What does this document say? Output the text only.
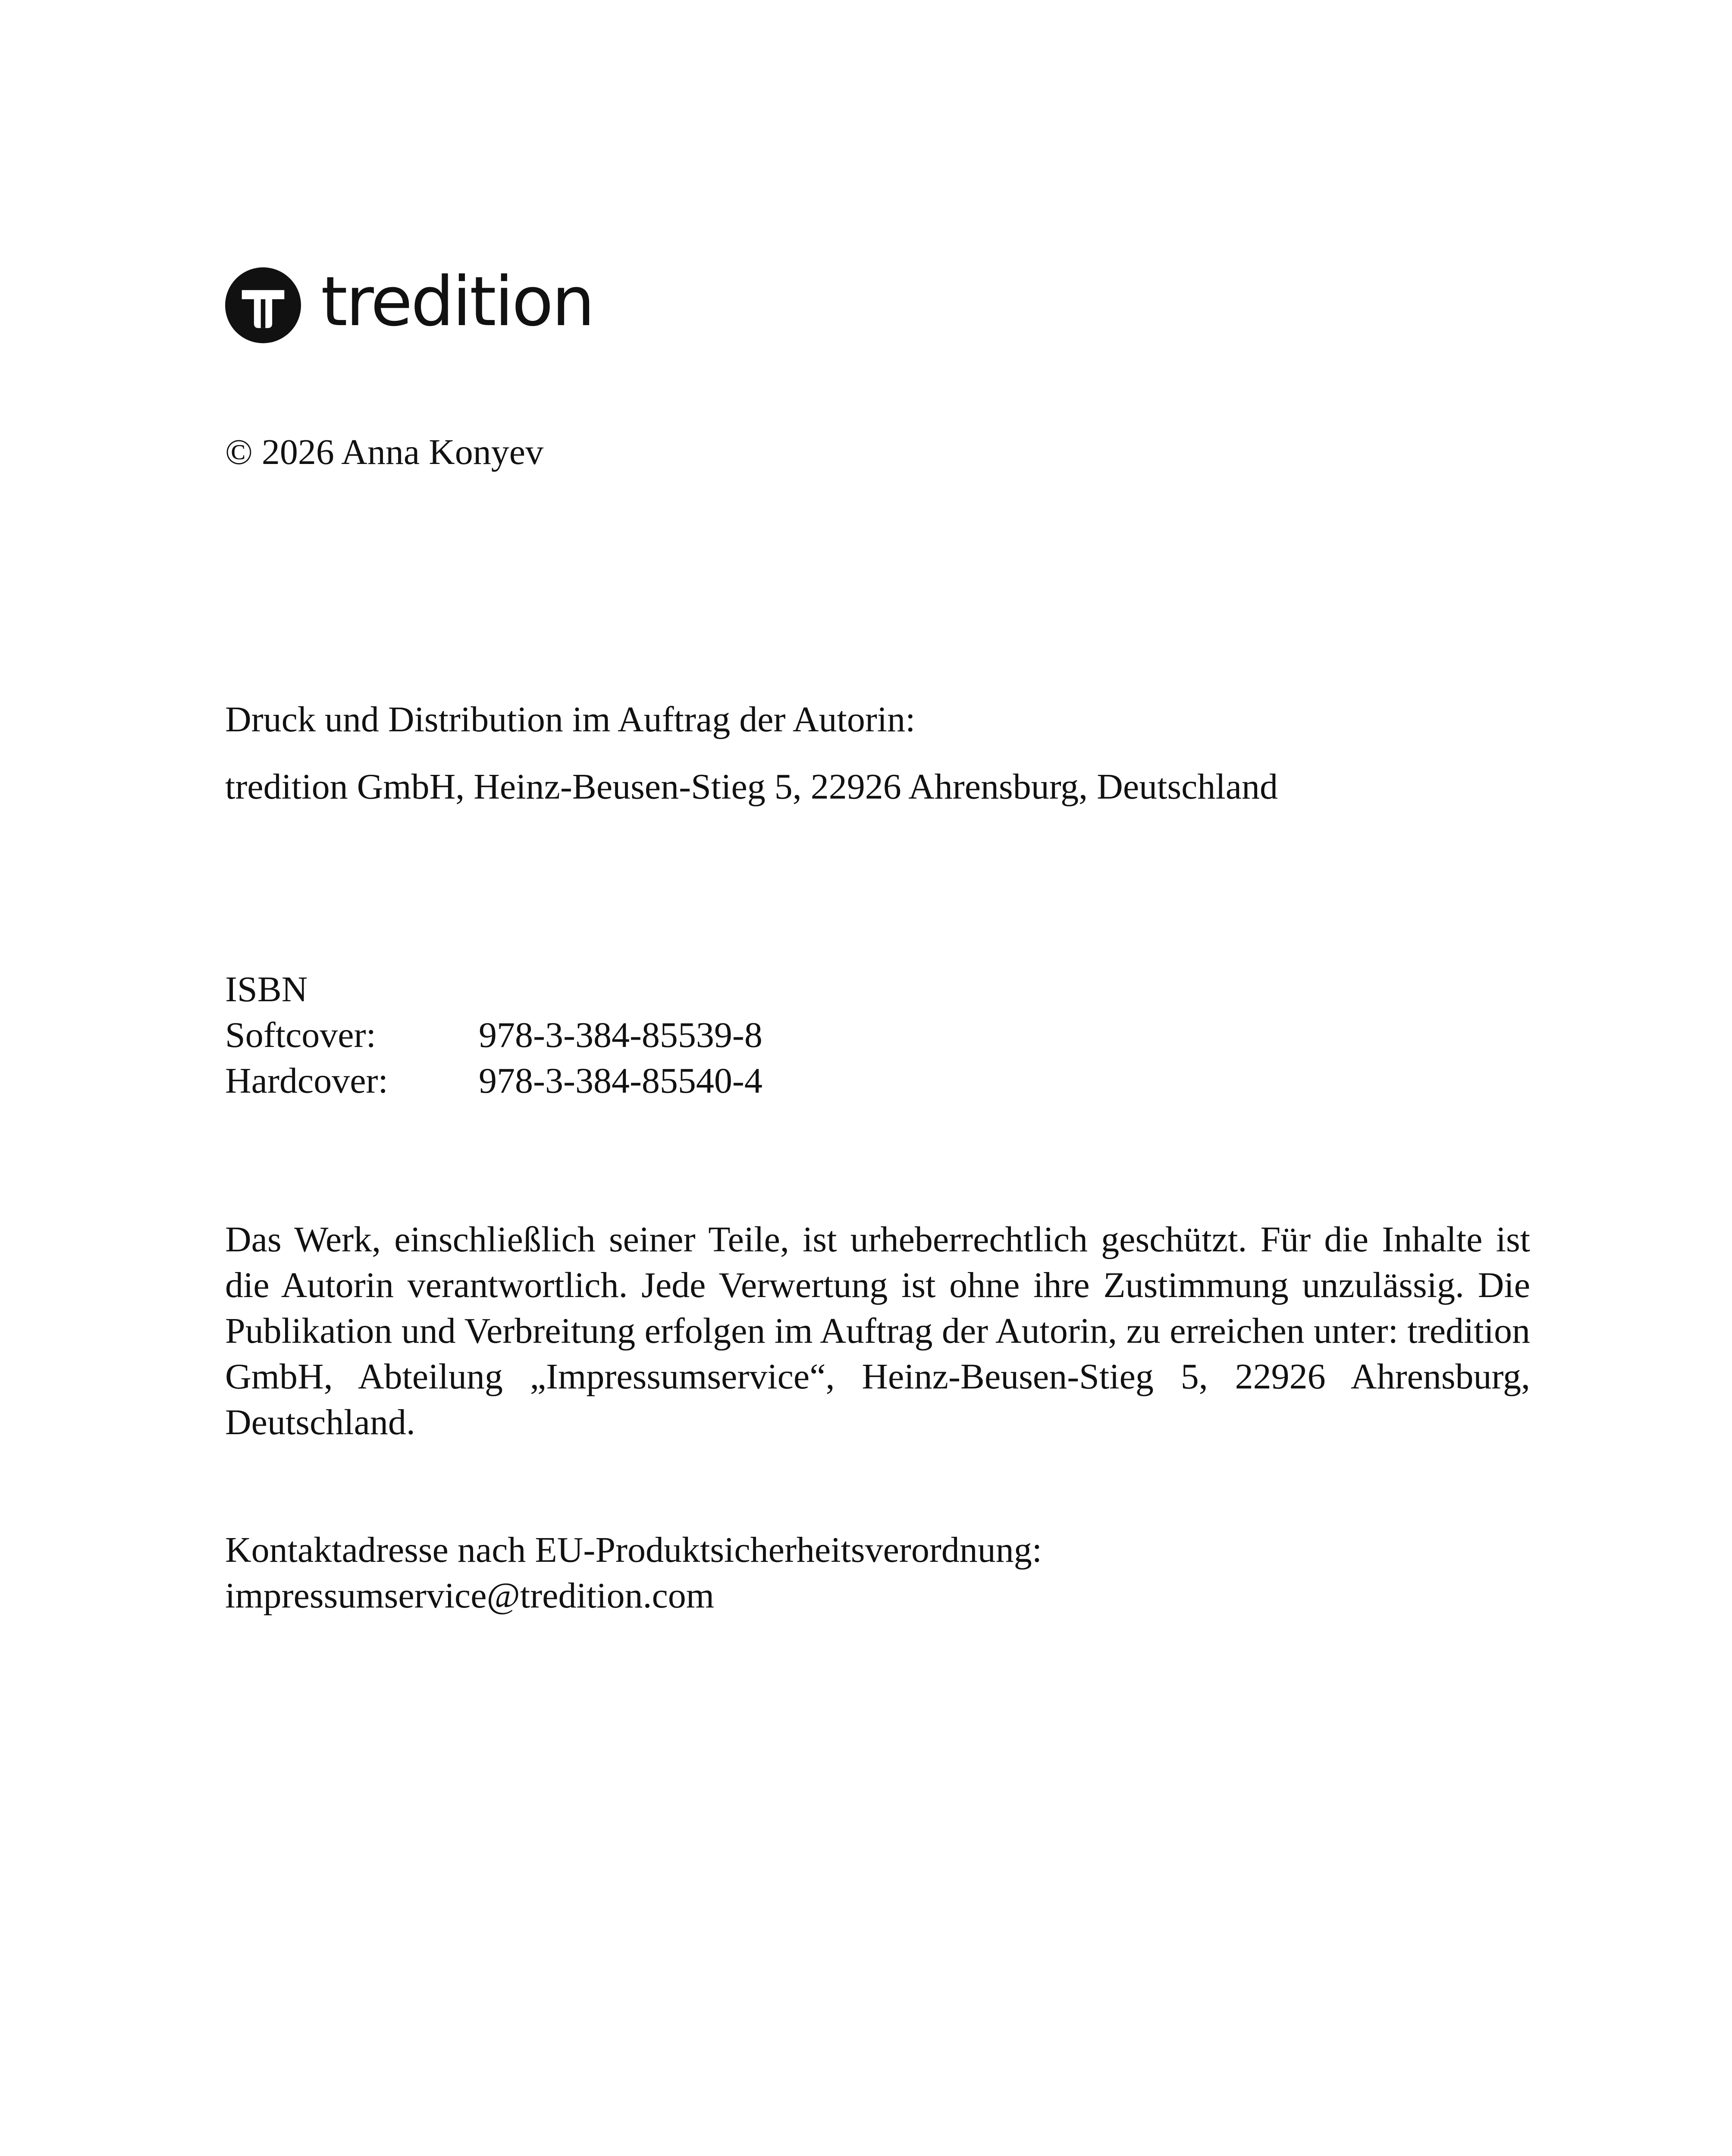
tredition

© 2026 Anna Konyev

Druck und Distribution im Auftrag der Autorin:

tredition GmbH, Heinz-Beusen-Stieg 5, 22926 Ahrensburg, Deutschland

ISBN
Softcover:	978-3-384-85539-8
Hardcover:	978-3-384-85540-4

Das Werk, einschließlich seiner Teile, ist urheberrechtlich geschützt. Für die Inhalte ist die Autorin verantwortlich. Jede Verwertung ist ohne ihre Zustimmung unzulässig. Die Publikation und Verbreitung erfolgen im Auftrag der Autorin, zu erreichen unter: tredition GmbH, Abteilung „Impressumservice“, Heinz-Beusen-Stieg 5, 22926 Ahrensburg, Deutschland.

Kontaktadresse nach EU-Produktsicherheitsverordnung:
impressumservice@tredition.com
